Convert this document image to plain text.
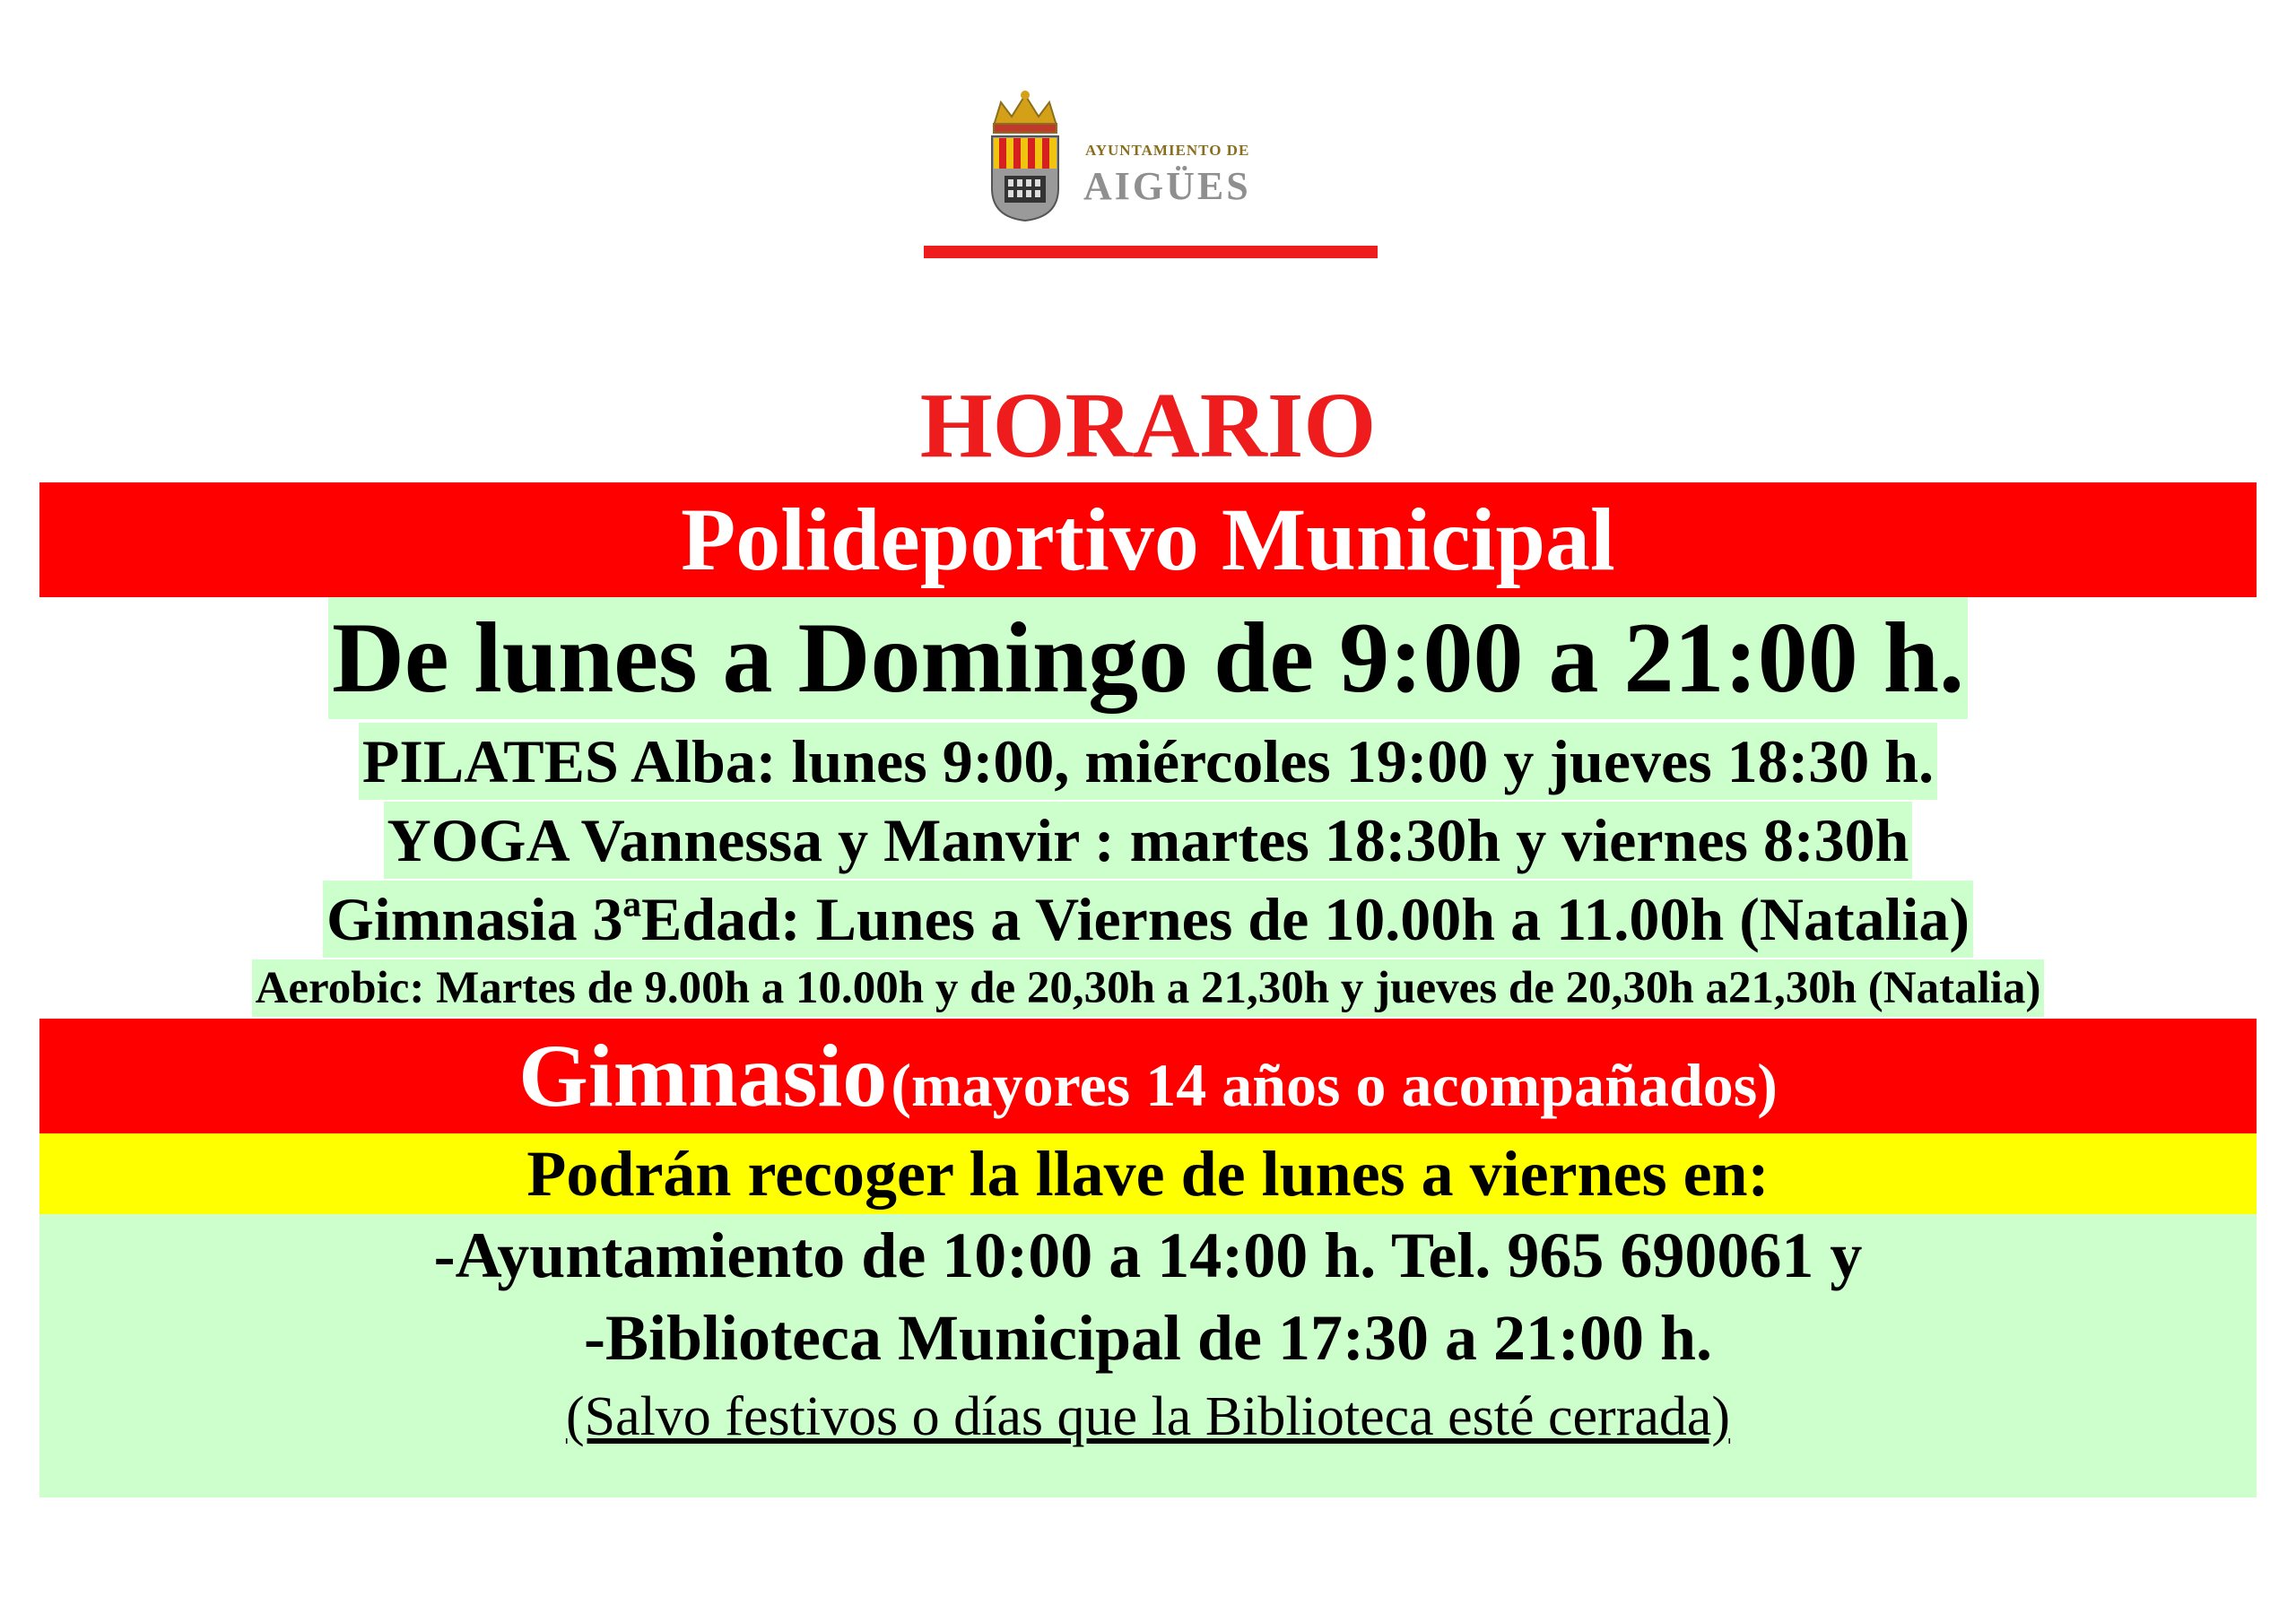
AYUNTAMIENTO DE
AIGÜES
HORARIO
Polideportivo Municipal
De lunes a Domingo de 9:00 a 21:00 h.
PILATES Alba: lunes 9:00, miércoles 19:00 y jueves 18:30 h.
YOGA Vannessa y Manvir : martes 18:30h y viernes 8:30h
Gimnasia 3ªEdad: Lunes a Viernes de 10.00h a 11.00h (Natalia)
Aerobic: Martes de 9.00h a 10.00h y de 20,30h a 21,30h y jueves de 20,30h a21,30h (Natalia)
Gimnasio (mayores 14 años o acompañados)
Podrán recoger la llave de lunes a viernes en:
-Ayuntamiento de 10:00 a 14:00 h. Tel. 965 690061 y
-Biblioteca Municipal de 17:30 a 21:00 h.
(Salvo festivos o días que la Biblioteca esté cerrada)
